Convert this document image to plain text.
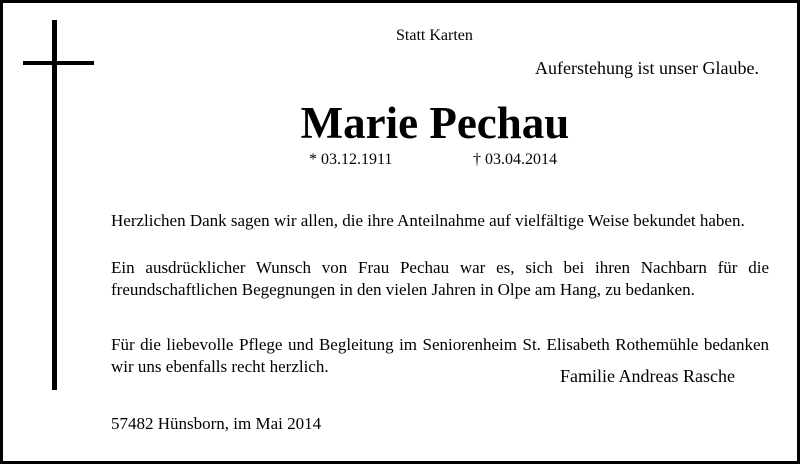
Statt Karten

Auferstehung ist unser Glaube.

Marie Pechau

* 03.12.1911	† 03.04.2014

Herzlichen Dank sagen wir allen, die ihre Anteilnahme auf vielfältige Weise bekundet haben.

Ein ausdrücklicher Wunsch von Frau Pechau war es, sich bei ihren Nachbarn für die freundschaftlichen Begegnungen in den vielen Jahren in Olpe am Hang, zu bedanken.

Für die liebevolle Pflege und Begleitung im Seniorenheim St. Elisabeth Rothemühle bedanken wir uns ebenfalls recht herzlich.	Familie Andreas Rasche

57482 Hünsborn, im Mai 2014
